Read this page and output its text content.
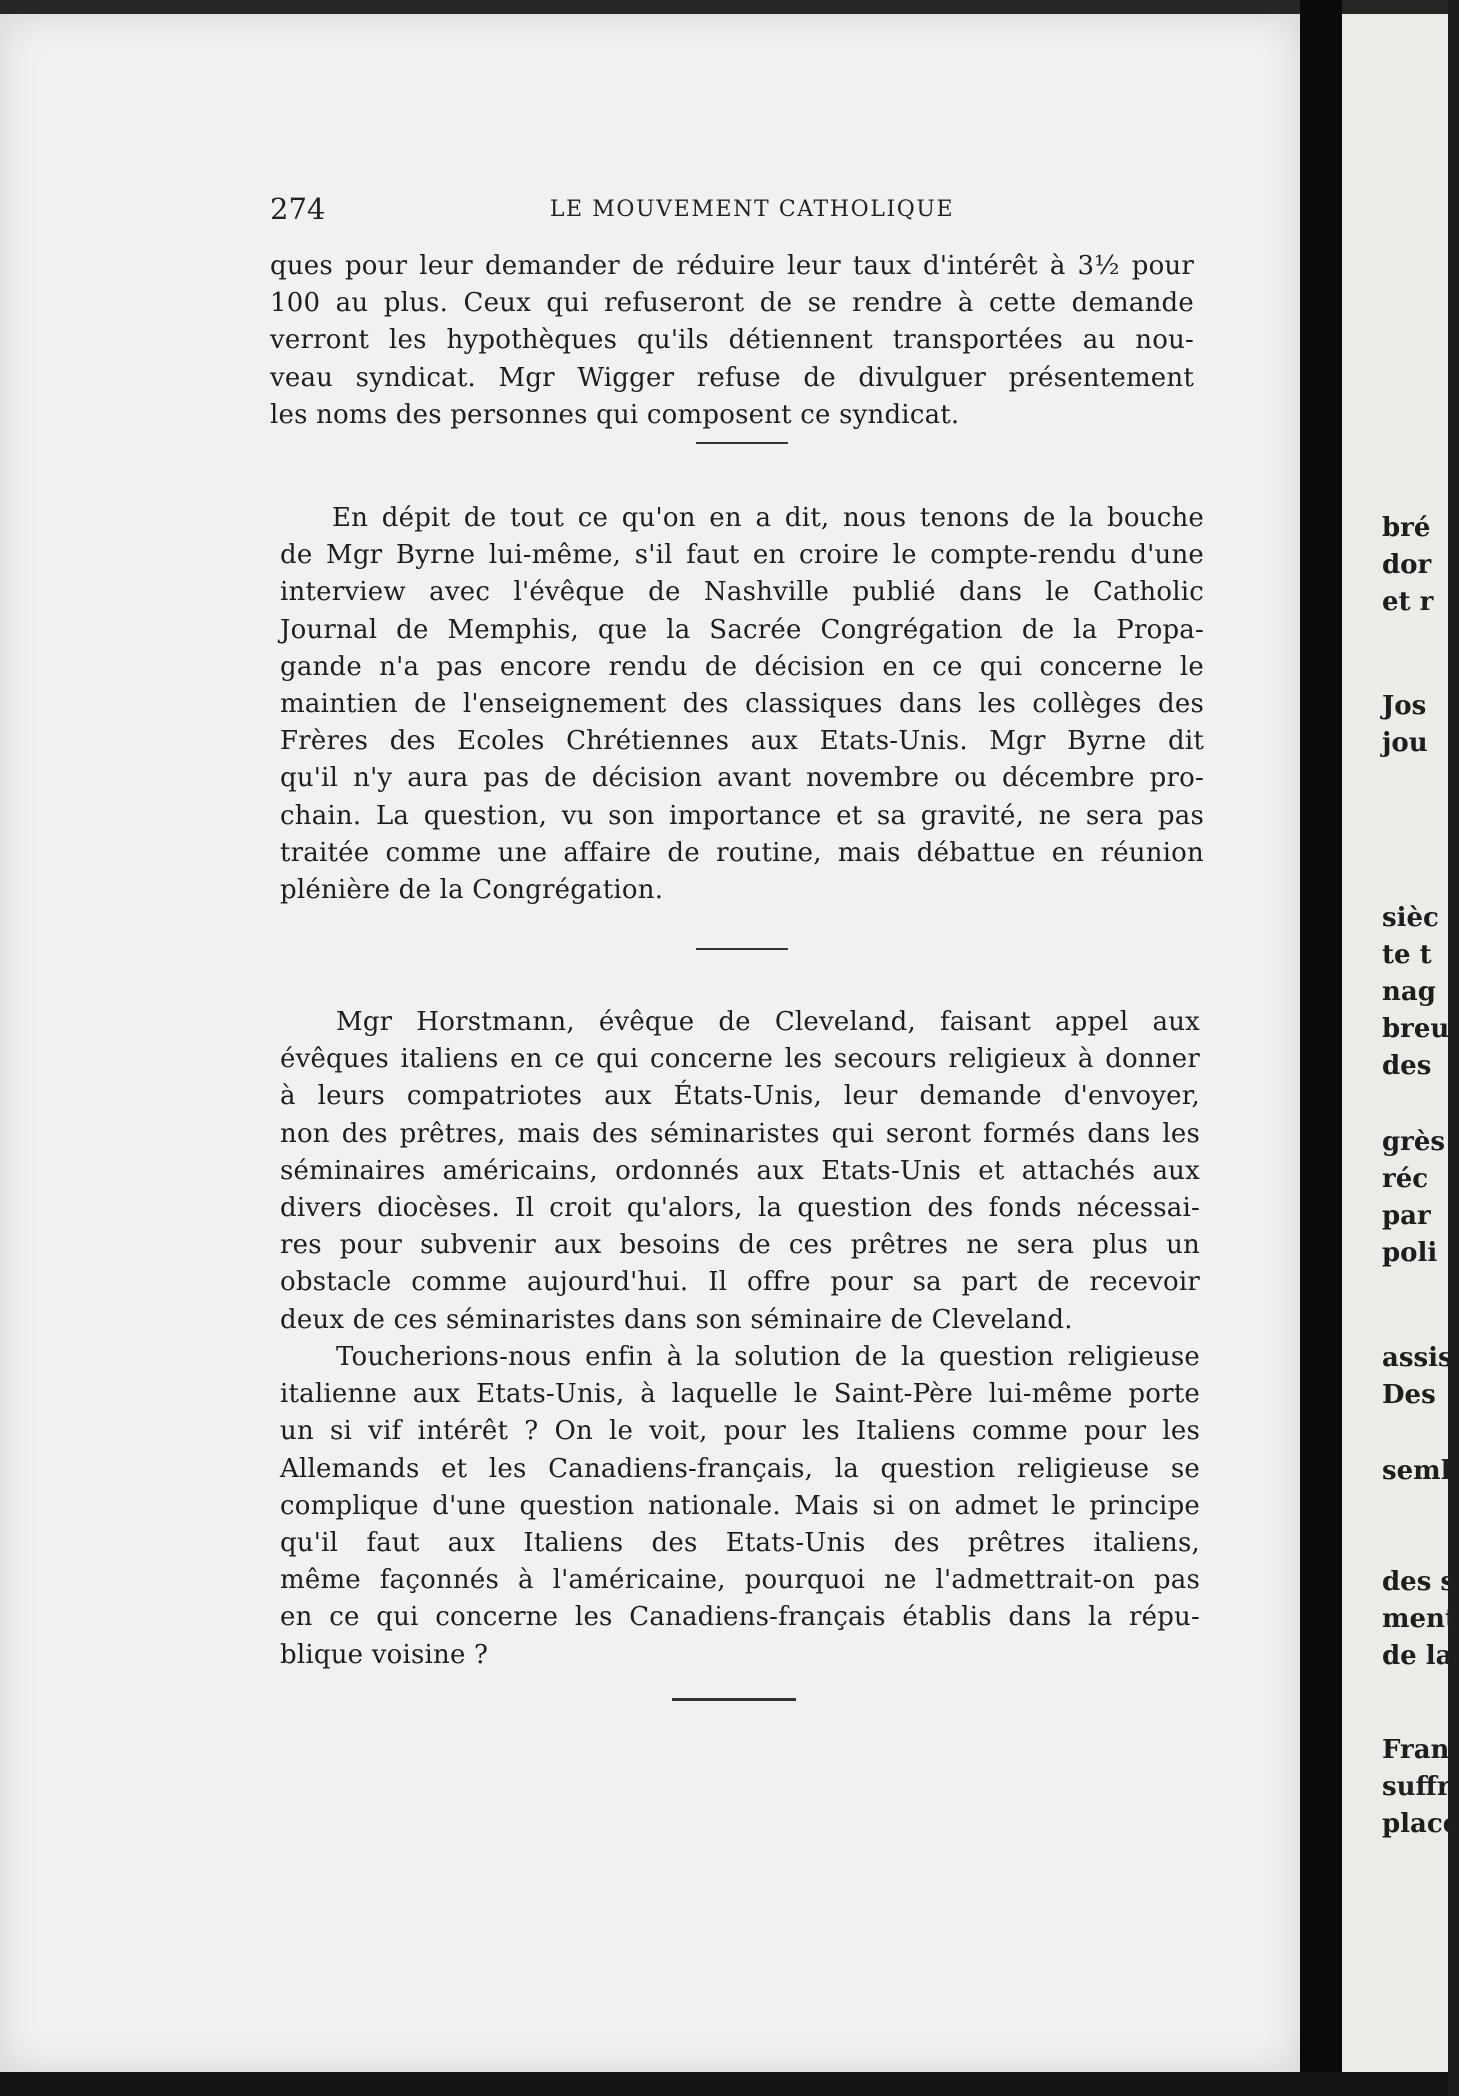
274	LE MOUVEMENT CATHOLIQUE
ques pour leur demander de réduire leur taux d'intérêt à 3½ pour
100 au plus. Ceux qui refuseront de se rendre à cette demande
verront les hypothèques qu'ils détiennent transportées au nou-
veau syndicat. Mgr Wigger refuse de divulguer présentement
les noms des personnes qui composent ce syndicat.
En dépit de tout ce qu'on en a dit, nous tenons de la bouche
de Mgr Byrne lui-même, s'il faut en croire le compte-rendu d'une
interview avec l'évêque de Nashville publié dans le Catholic
Journal de Memphis, que la Sacrée Congrégation de la Propa-
gande n'a pas encore rendu de décision en ce qui concerne le
maintien de l'enseignement des classiques dans les collèges des
Frères des Ecoles Chrétiennes aux Etats-Unis. Mgr Byrne dit
qu'il n'y aura pas de décision avant novembre ou décembre pro-
chain. La question, vu son importance et sa gravité, ne sera pas
traitée comme une affaire de routine, mais débattue en réunion
plénière de la Congrégation.
Mgr Horstmann, évêque de Cleveland, faisant appel aux
évêques italiens en ce qui concerne les secours religieux à donner
à leurs compatriotes aux États-Unis, leur demande d'envoyer,
non des prêtres, mais des séminaristes qui seront formés dans les
séminaires américains, ordonnés aux Etats-Unis et attachés aux
divers diocèses. Il croit qu'alors, la question des fonds nécessai-
res pour subvenir aux besoins de ces prêtres ne sera plus un
obstacle comme aujourd'hui. Il offre pour sa part de recevoir
deux de ces séminaristes dans son séminaire de Cleveland.
Toucherions-nous enfin à la solution de la question religieuse
italienne aux Etats-Unis, à laquelle le Saint-Père lui-même porte
un si vif intérêt ? On le voit, pour les Italiens comme pour les
Allemands et les Canadiens-français, la question religieuse se
complique d'une question nationale. Mais si on admet le principe
qu'il faut aux Italiens des Etats-Unis des prêtres italiens,
même façonnés à l'américaine, pourquoi ne l'admettrait-on pas
en ce qui concerne les Canadiens-français établis dans la répu-
blique voisine ?
bré
dor
et r
Jos
jou
sièc
te t
nag
breu
des
grès
réc
par
poli
assis
Des
seml
des s
ment
de la
Fran
suffr
place
